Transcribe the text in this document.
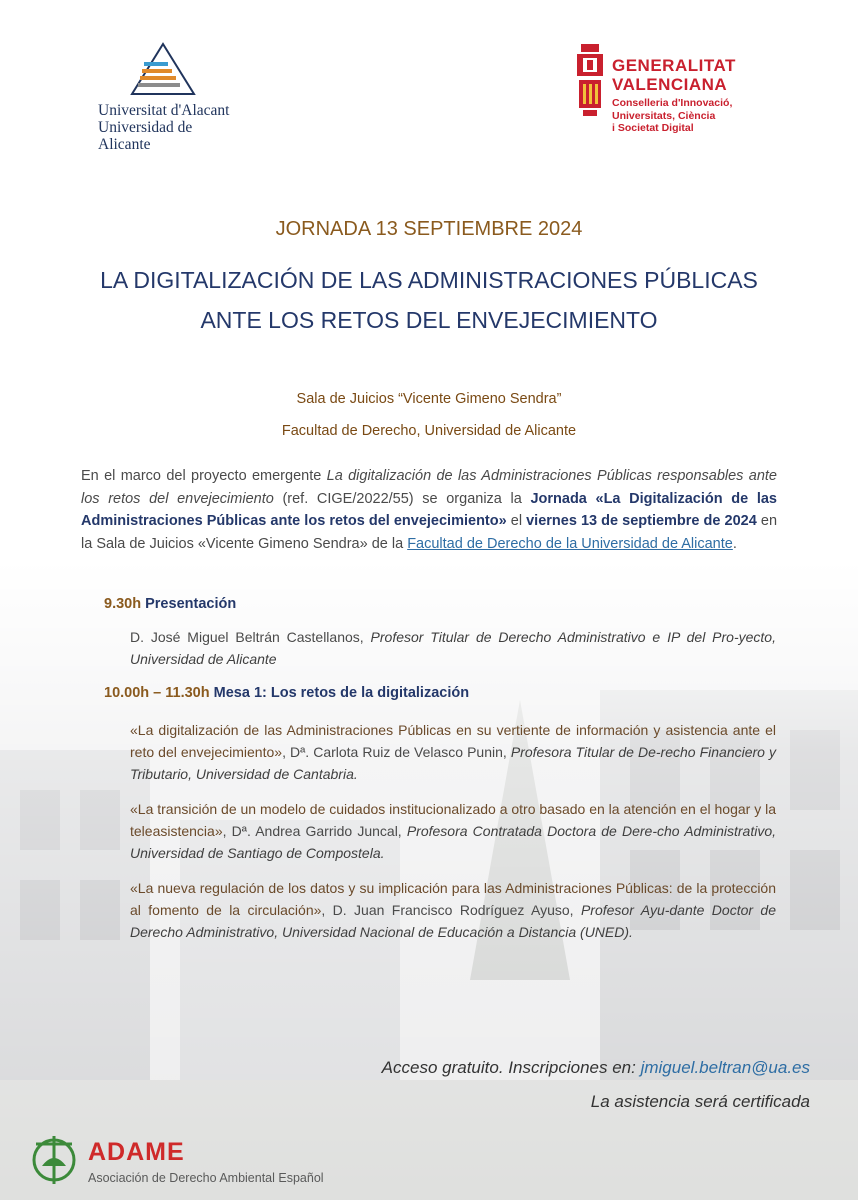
Universitat d'Alacant
Universidad de Alicante
GENERALITAT
VALENCIANA
Conselleria d'Innovació,
Universitats, Ciència
i Societat Digital
JORNADA 13 SEPTIEMBRE 2024
LA DIGITALIZACIÓN DE LAS ADMINISTRACIONES PÚBLICAS
ANTE LOS RETOS DEL ENVEJECIMIENTO
Sala de Juicios “Vicente Gimeno Sendra”
Facultad de Derecho, Universidad de Alicante

En el marco del proyecto emergente La digitalización de las Administraciones Públicas responsables ante los retos del envejecimiento (ref. CIGE/2022/55) se organiza la Jornada «La Digitalización de las Administraciones Públicas ante los retos del envejecimiento» el viernes 13 de septiembre de 2024 en la Sala de Juicios «Vicente Gimeno Sendra» de la Facultad de Derecho de la Universidad de Alicante.

9.30h Presentación

D. José Miguel Beltrán Castellanos, Profesor Titular de Derecho Administrativo e IP del Pro-yecto, Universidad de Alicante

10.00h – 11.30h Mesa 1: Los retos de la digitalización

«La digitalización de las Administraciones Públicas en su vertiente de información y asistencia ante el reto del envejecimiento», Dª. Carlota Ruiz de Velasco Punin, Profesora Titular de De-recho Financiero y Tributario, Universidad de Cantabria.

«La transición de un modelo de cuidados institucionalizado a otro basado en la atención en el hogar y la teleasistencia», Dª. Andrea Garrido Juncal, Profesora Contratada Doctora de Dere-cho Administrativo, Universidad de Santiago de Compostela.

«La nueva regulación de los datos y su implicación para las Administraciones Públicas: de la protección al fomento de la circulación», D. Juan Francisco Rodríguez Ayuso, Profesor Ayu-dante Doctor de Derecho Administrativo, Universidad Nacional de Educación a Distancia (UNED).

Acceso gratuito. Inscripciones en: jmiguel.beltran@ua.es
La asistencia será certificada
ADAME
Asociación de Derecho Ambiental Español
